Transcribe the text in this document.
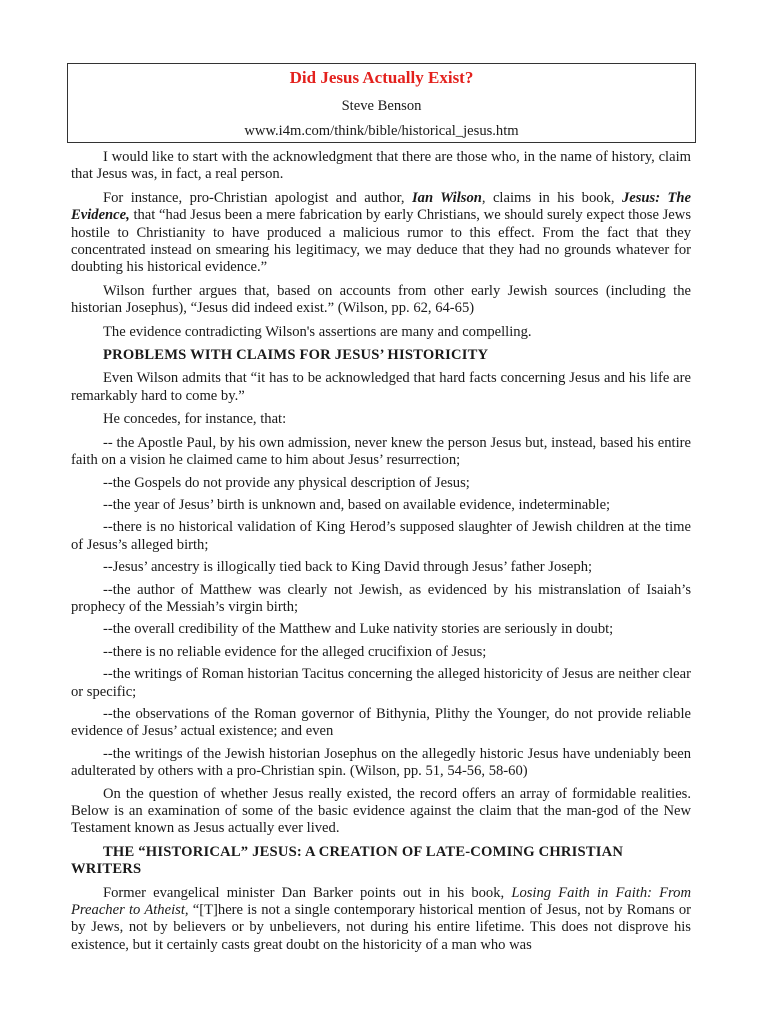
Did Jesus Actually Exist?
Steve Benson
www.i4m.com/think/bible/historical_jesus.htm

I would like to start with the acknowledgment that there are those who, in the name of history, claim that Jesus was, in fact, a real person.

For instance, pro-Christian apologist and author, Ian Wilson, claims in his book, Jesus: The Evidence, that “had Jesus been a mere fabrication by early Christians, we should surely expect those Jews hostile to Christianity to have produced a malicious rumor to this effect. From the fact that they concentrated instead on smearing his legitimacy, we may deduce that they had no grounds whatever for doubting his historical evidence.”

Wilson further argues that, based on accounts from other early Jewish sources (including the historian Josephus), “Jesus did indeed exist.” (Wilson, pp. 62, 64-65)

The evidence contradicting Wilson's assertions are many and compelling.

PROBLEMS WITH CLAIMS FOR JESUS’ HISTORICITY

Even Wilson admits that “it has to be acknowledged that hard facts concerning Jesus and his life are remarkably hard to come by.”

He concedes, for instance, that:

-- the Apostle Paul, by his own admission, never knew the person Jesus but, instead, based his entire faith on a vision he claimed came to him about Jesus’ resurrection;

--the Gospels do not provide any physical description of Jesus;

--the year of Jesus’ birth is unknown and, based on available evidence, indeterminable;

--there is no historical validation of King Herod’s supposed slaughter of Jewish children at the time of Jesus’s alleged birth;

--Jesus’ ancestry is illogically tied back to King David through Jesus’ father Joseph;

--the author of Matthew was clearly not Jewish, as evidenced by his mistranslation of Isaiah’s prophecy of the Messiah’s virgin birth;

--the overall credibility of the Matthew and Luke nativity stories are seriously in doubt;

--there is no reliable evidence for the alleged crucifixion of Jesus;

--the writings of Roman historian Tacitus concerning the alleged historicity of Jesus are neither clear or specific;

--the observations of the Roman governor of Bithynia, Plithy the Younger, do not provide reliable evidence of Jesus’ actual existence; and even

--the writings of the Jewish historian Josephus on the allegedly historic Jesus have undeniably been adulterated by others with a pro-Christian spin. (Wilson, pp. 51, 54-56, 58-60)

On the question of whether Jesus really existed, the record offers an array of formidable realities. Below is an examination of some of the basic evidence against the claim that the man-god of the New Testament known as Jesus actually ever lived.

THE “HISTORICAL” JESUS: A CREATION OF LATE-COMING CHRISTIAN WRITERS

Former evangelical minister Dan Barker points out in his book, Losing Faith in Faith: From Preacher to Atheist, “[T]here is not a single contemporary historical mention of Jesus, not by Romans or by Jews, not by believers or by unbelievers, not during his entire lifetime. This does not disprove his existence, but it certainly casts great doubt on the historicity of a man who was
